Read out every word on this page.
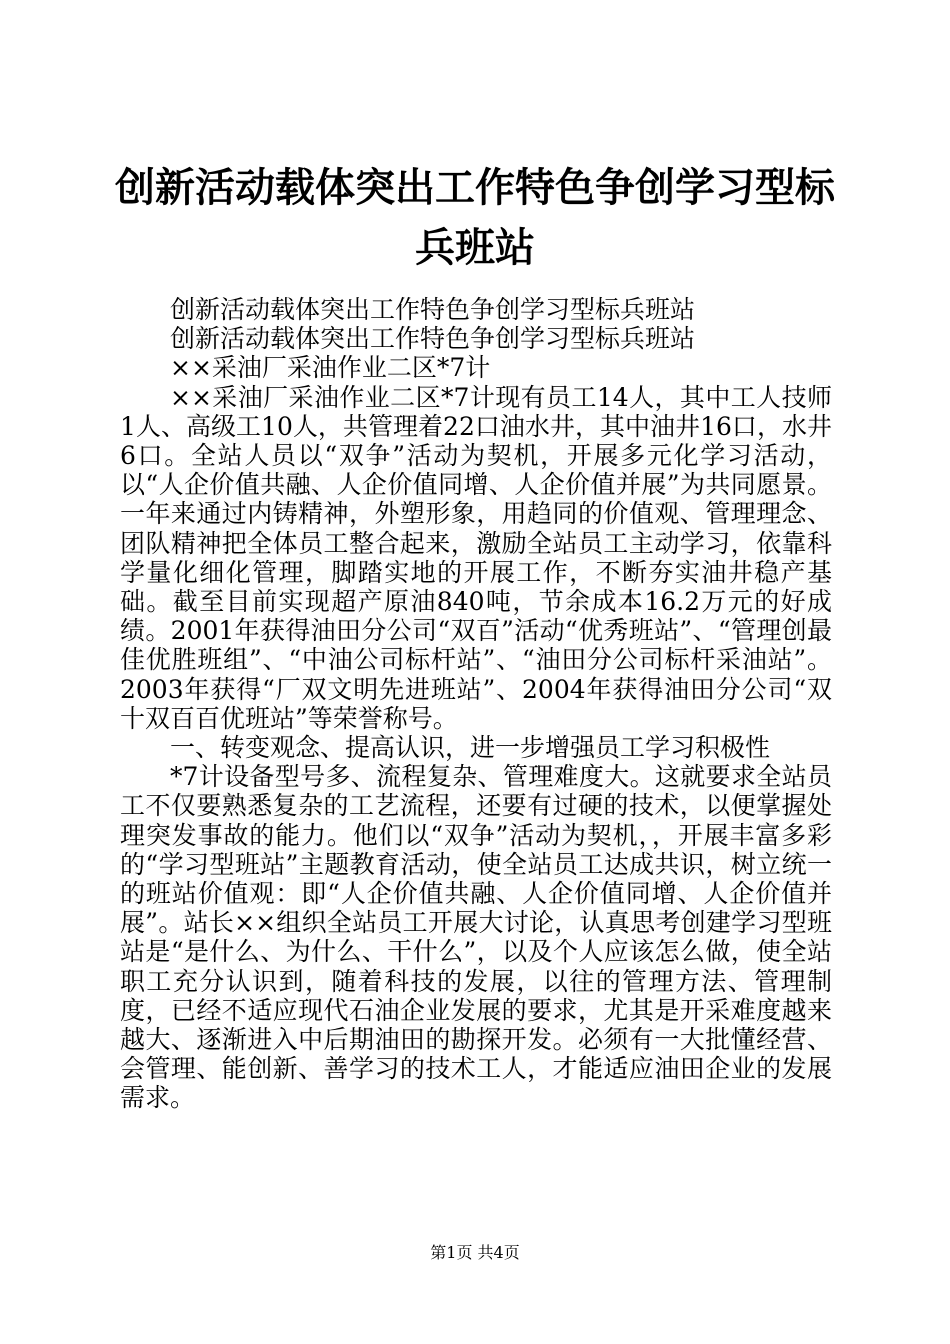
创新活动载体突出工作特色争创学习型标兵班站

创新活动载体突出工作特色争创学习型标兵班站

创新活动载体突出工作特色争创学习型标兵班站

××采油厂采油作业二区*7计

××采油厂采油作业二区*7计现有员工14人，其中工人技师1人、高级工10人，共管理着22口油水井，其中油井16口，水井6口。全站人员以“双争”活动为契机，开展多元化学习活动，以“人企价值共融、人企价值同增、人企价值并展”为共同愿景。一年来通过内铸精神，外塑形象，用趋同的价值观、管理理念、团队精神把全体员工整合起来，激励全站员工主动学习，依靠科学量化细化管理，脚踏实地的开展工作，不断夯实油井稳产基础。截至目前实现超产原油840吨，节余成本16.2万元的好成绩。2001年获得油田分公司“双百”活动“优秀班站”、“管理创最佳优胜班组”、“中油公司标杆站”、“油田分公司标杆采油站”。2003年获得“厂双文明先进班站”、2004年获得油田分公司“双十双百百优班站”等荣誉称号。

一、转变观念、提高认识，进一步增强员工学习积极性

*7计设备型号多、流程复杂、管理难度大。这就要求全站员工不仅要熟悉复杂的工艺流程，还要有过硬的技术，以便掌握处理突发事故的能力。他们以“双争”活动为契机，，开展丰富多彩的“学习型班站”主题教育活动，使全站员工达成共识，树立统一的班站价值观：即“人企价值共融、人企价值同增、人企价值并展”。站长××组织全站员工开展大讨论，认真思考创建学习型班站是“是什么、为什么、干什么”，以及个人应该怎么做，使全站职工充分认识到，随着科技的发展，以往的管理方法、管理制度，已经不适应现代石油企业发展的要求，尤其是开采难度越来越大、逐渐进入中后期油田的勘探开发。必须有一大批懂经营、会管理、能创新、善学习的技术工人，才能适应油田企业的发展需求。

第1页 共4页
